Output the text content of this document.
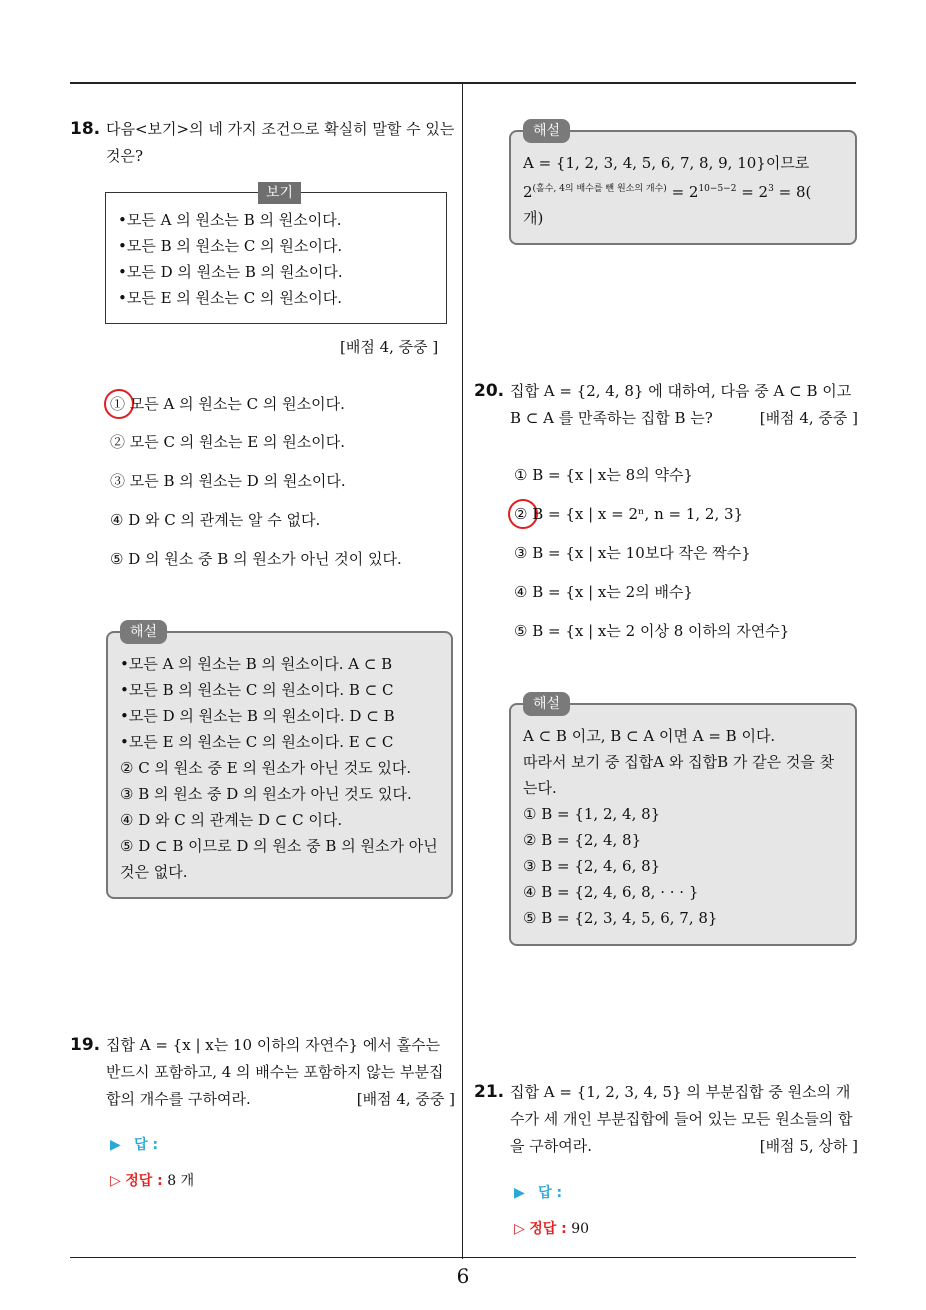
18. 다음<보기>의 네 가지 조건으로 확실히 말할 수 있는 것은?
보기
•모든 A 의 원소는 B 의 원소이다.
•모든 B 의 원소는 C 의 원소이다.
•모든 D 의 원소는 B 의 원소이다.
•모든 E 의 원소는 C 의 원소이다.
[배점 4, 중중 ]
① 모든 A 의 원소는 C 의 원소이다.
② 모든 C 의 원소는 E 의 원소이다.
③ 모든 B 의 원소는 D 의 원소이다.
④ D 와 C 의 관계는 알 수 없다.
⑤ D 의 원소 중 B 의 원소가 아닌 것이 있다.
해설
•모든 A 의 원소는 B 의 원소이다. A ⊂ B
•모든 B 의 원소는 C 의 원소이다. B ⊂ C
•모든 D 의 원소는 B 의 원소이다. D ⊂ B
•모든 E 의 원소는 C 의 원소이다. E ⊂ C
② C 의 원소 중 E 의 원소가 아닌 것도 있다.
③ B 의 원소 중 D 의 원소가 아닌 것도 있다.
④ D 와 C 의 관계는 D ⊂ C 이다.
⑤ D ⊂ B 이므로 D 의 원소 중 B 의 원소가 아닌
것은 없다.
19. 집합 A = {x | x는 10 이하의 자연수} 에서 홀수는 반드시 포함하고, 4 의 배수는 포함하지 않는 부분집합의 개수를 구하여라.	[배점 4, 중중 ]
▶ 답 :
▷ 정답 : 8 개
해설
A = {1, 2, 3, 4, 5, 6, 7, 8, 9, 10}이므로
$2^{(홀수, 4의 배수를 뺀 원소의 개수)} = 2^{10-5-2} = 2^3 = 8$(
개)
20. 집합 A = {2, 4, 8} 에 대하여, 다음 중 A ⊂ B 이고 B ⊂ A 를 만족하는 집합 B 는?	[배점 4, 중중 ]
① B = {x | x는 8의 약수}
② B = {x | x = 2ⁿ, n = 1, 2, 3}
③ B = {x | x는 10보다 작은 짝수}
④ B = {x | x는 2의 배수}
⑤ B = {x | x는 2 이상 8 이하의 자연수}
해설
A ⊂ B 이고, B ⊂ A 이면 A = B 이다.
따라서 보기 중 집합A 와 집합B 가 같은 것을 찾
는다.
① B = {1, 2, 4, 8}
② B = {2, 4, 8}
③ B = {2, 4, 6, 8}
④ B = {2, 4, 6, 8, · · · }
⑤ B = {2, 3, 4, 5, 6, 7, 8}
21. 집합 A = {1, 2, 3, 4, 5} 의 부분집합 중 원소의 개수가 세 개인 부분집합에 들어 있는 모든 원소들의 합을 구하여라.	[배점 5, 상하 ]
▶ 답 :
▷ 정답 : 90
6
